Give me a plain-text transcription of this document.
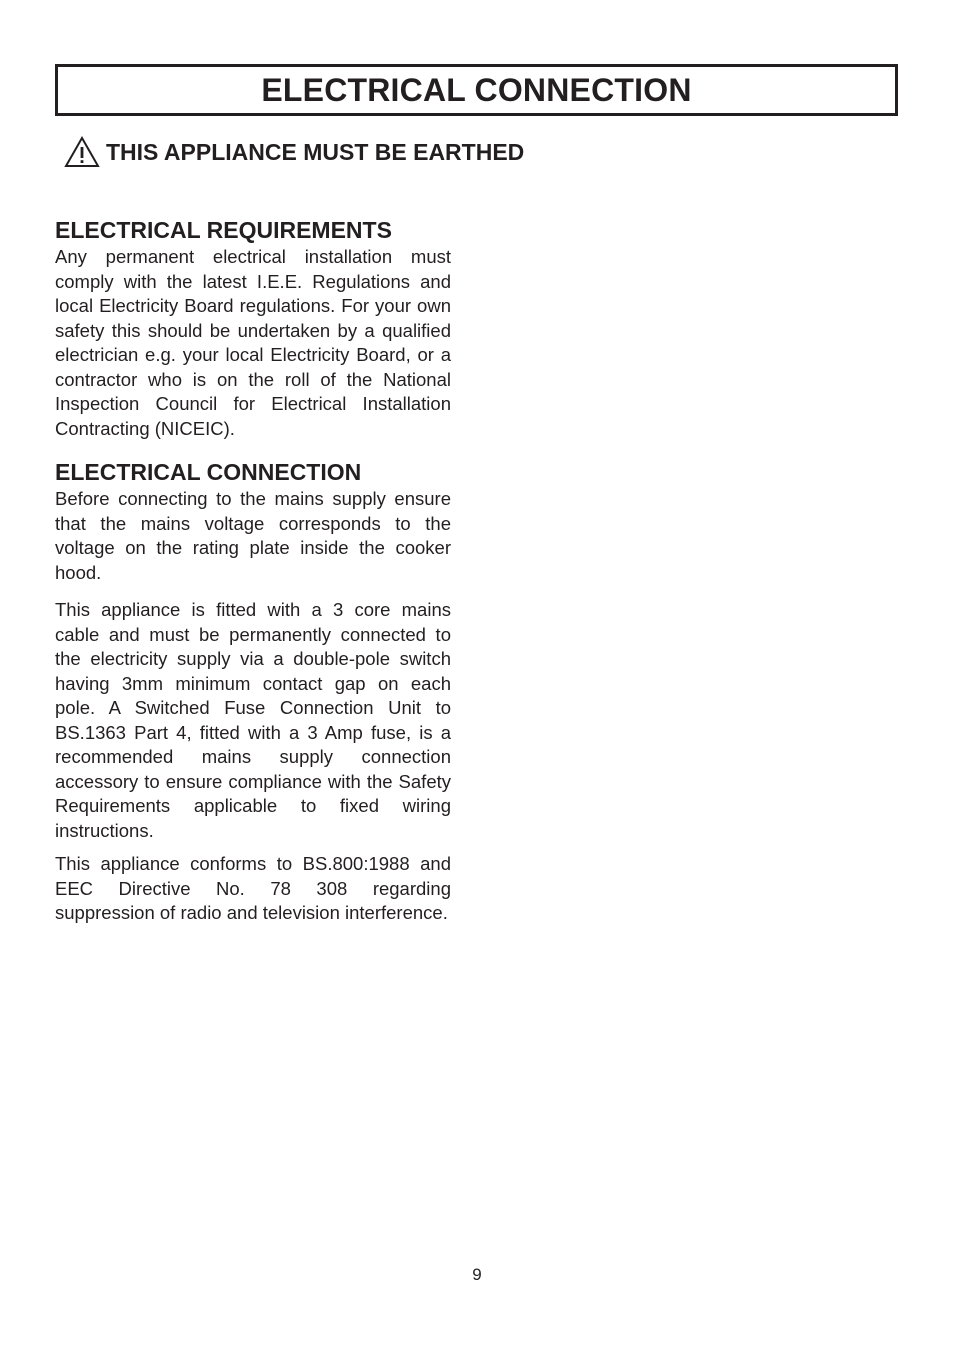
ELECTRICAL CONNECTION
THIS APPLIANCE MUST BE EARTHED
ELECTRICAL REQUIREMENTS

Any permanent electrical installation must comply with the latest I.E.E. Regulations and local Electricity Board regulations. For your own safety this should be undertaken by a qualified electrician e.g. your local Electricity Board, or a contractor who is on the roll of the National Inspection Council for Electrical Installation Contracting (NICEIC).

ELECTRICAL CONNECTION

Before connecting to the mains supply ensure that the mains voltage corresponds to the voltage on the rating plate inside the cooker hood.

This appliance is fitted with a 3 core mains cable and must be permanently connected to the electricity supply via a double-pole switch having 3mm minimum contact gap on each pole. A Switched Fuse Connection Unit to BS.1363 Part 4, fitted with a 3 Amp fuse, is a recommended mains supply connection accessory to ensure compliance with the Safety Requirements applicable to fixed wiring instructions.

This appliance conforms to BS.800:1988 and EEC Directive No. 78 308 regarding suppression of radio and television interference.

9
